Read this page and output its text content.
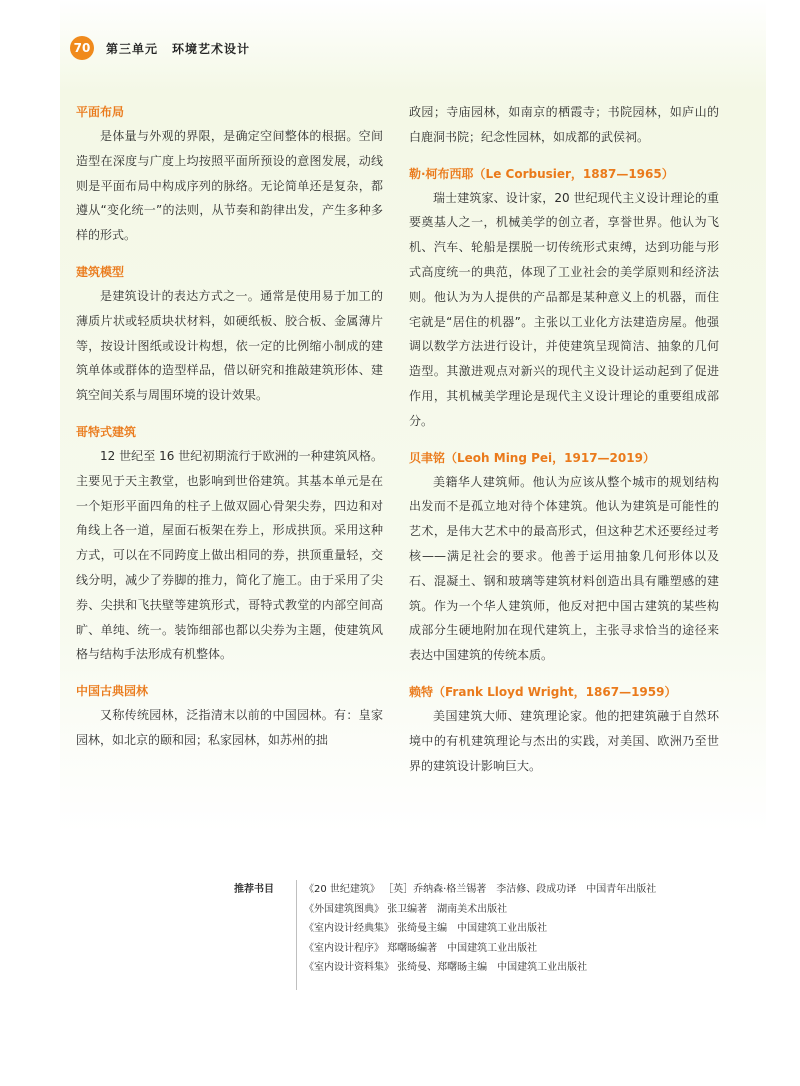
70	第三单元 环境艺术设计
平面布局

是体量与外观的界限，是确定空间整体的根据。空间造型在深度与广度上均按照平面所预设的意图发展，动线则是平面布局中构成序列的脉络。无论简单还是复杂，都遵从“变化统一”的法则，从节奏和韵律出发，产生多种多样的形式。

建筑模型

是建筑设计的表达方式之一。通常是使用易于加工的薄质片状或轻质块状材料，如硬纸板、胶合板、金属薄片等，按设计图纸或设计构想，依一定的比例缩小制成的建筑单体或群体的造型样品，借以研究和推敲建筑形体、建筑空间关系与周围环境的设计效果。

哥特式建筑

12 世纪至 16 世纪初期流行于欧洲的一种建筑风格。主要见于天主教堂，也影响到世俗建筑。其基本单元是在一个矩形平面四角的柱子上做双圆心骨架尖券，四边和对角线上各一道，屋面石板架在券上，形成拱顶。采用这种方式，可以在不同跨度上做出相同的券，拱顶重量轻，交线分明，减少了券脚的推力，简化了施工。由于采用了尖券、尖拱和飞扶壁等建筑形式，哥特式教堂的内部空间高旷、单纯、统一。装饰细部也都以尖券为主题，使建筑风格与结构手法形成有机整体。

中国古典园林

又称传统园林，泛指清末以前的中国园林。有：皇家园林，如北京的颐和园；私家园林，如苏州的拙

政园；寺庙园林，如南京的栖霞寺；书院园林，如庐山的白鹿洞书院；纪念性园林，如成都的武侯祠。

勒·柯布西耶（Le Corbusier，1887—1965）

瑞士建筑家、设计家，20 世纪现代主义设计理论的重要奠基人之一，机械美学的创立者，享誉世界。他认为飞机、汽车、轮船是摆脱一切传统形式束缚，达到功能与形式高度统一的典范，体现了工业社会的美学原则和经济法则。他认为为人提供的产品都是某种意义上的机器，而住宅就是“居住的机器”。主张以工业化方法建造房屋。他强调以数学方法进行设计，并使建筑呈现简洁、抽象的几何造型。其激进观点对新兴的现代主义设计运动起到了促进作用，其机械美学理论是现代主义设计理论的重要组成部分。

贝聿铭（Leoh Ming Pei，1917—2019）

美籍华人建筑师。他认为应该从整个城市的规划结构出发而不是孤立地对待个体建筑。他认为建筑是可能性的艺术，是伟大艺术中的最高形式，但这种艺术还要经过考核——满足社会的要求。他善于运用抽象几何形体以及石、混凝土、钢和玻璃等建筑材料创造出具有雕塑感的建筑。作为一个华人建筑师，他反对把中国古建筑的某些构成部分生硬地附加在现代建筑上，主张寻求恰当的途径来表达中国建筑的传统本质。

赖特（Frank Lloyd Wright，1867—1959）

美国建筑大师、建筑理论家。他的把建筑融于自然环境中的有机建筑理论与杰出的实践，对美国、欧洲乃至世界的建筑设计影响巨大。

推荐书目	《20 世纪建筑》 ［英］乔纳森·格兰锡著　李洁修、段成功译　中国青年出版社
《外国建筑图典》 张卫编著　湖南美术出版社
《室内设计经典集》 张绮曼主编　中国建筑工业出版社
《室内设计程序》 郑曙旸编著　中国建筑工业出版社
《室内设计资料集》 张绮曼、郑曙旸主编　中国建筑工业出版社
